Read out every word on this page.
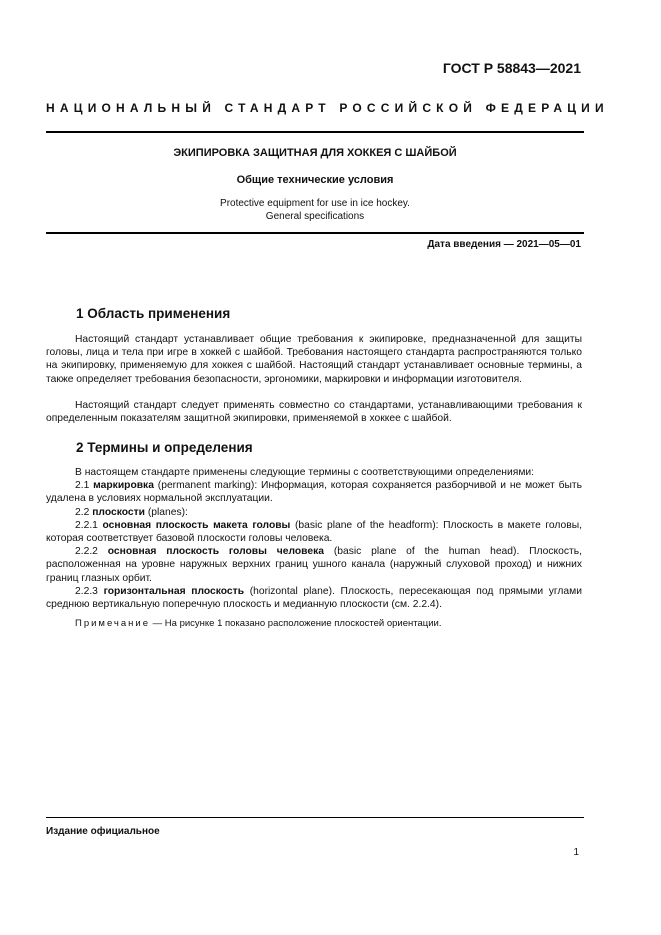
ГОСТ Р 58843—2021
НАЦИОНАЛЬНЫЙ СТАНДАРТ РОССИЙСКОЙ ФЕДЕРАЦИИ
ЭКИПИРОВКА ЗАЩИТНАЯ ДЛЯ ХОККЕЯ С ШАЙБОЙ
Общие технические условия
Protective equipment for use in ice hockey.
General specifications
Дата введения — 2021—05—01
1 Область применения
Настоящий стандарт устанавливает общие требования к экипировке, предназначенной для защиты головы, лица и тела при игре в хоккей с шайбой. Требования настоящего стандарта распространяются только на экипировку, применяемую для хоккея с шайбой. Настоящий стандарт устанавливает основные термины, а также определяет требования безопасности, эргономики, маркировки и информации изготовителя.
Настоящий стандарт следует применять совместно со стандартами, устанавливающими требования к определенным показателям защитной экипировки, применяемой в хоккее с шайбой.
2 Термины и определения
В настоящем стандарте применены следующие термины с соответствующими определениями:
2.1 маркировка (permanent marking): Информация, которая сохраняется разборчивой и не может быть удалена в условиях нормальной эксплуатации.
2.2 плоскости (planes):
2.2.1 основная плоскость макета головы (basic plane of the headform): Плоскость в макете головы, которая соответствует базовой плоскости головы человека.
2.2.2 основная плоскость головы человека (basic plane of the human head). Плоскость, расположенная на уровне наружных верхних границ ушного канала (наружный слуховой проход) и нижних границ глазных орбит.
2.2.3 горизонтальная плоскость (horizontal plane). Плоскость, пересекающая под прямыми углами среднюю вертикальную поперечную плоскость и медианную плоскости (см. 2.2.4).
Примечание — На рисунке 1 показано расположение плоскостей ориентации.
Издание официальное
1
